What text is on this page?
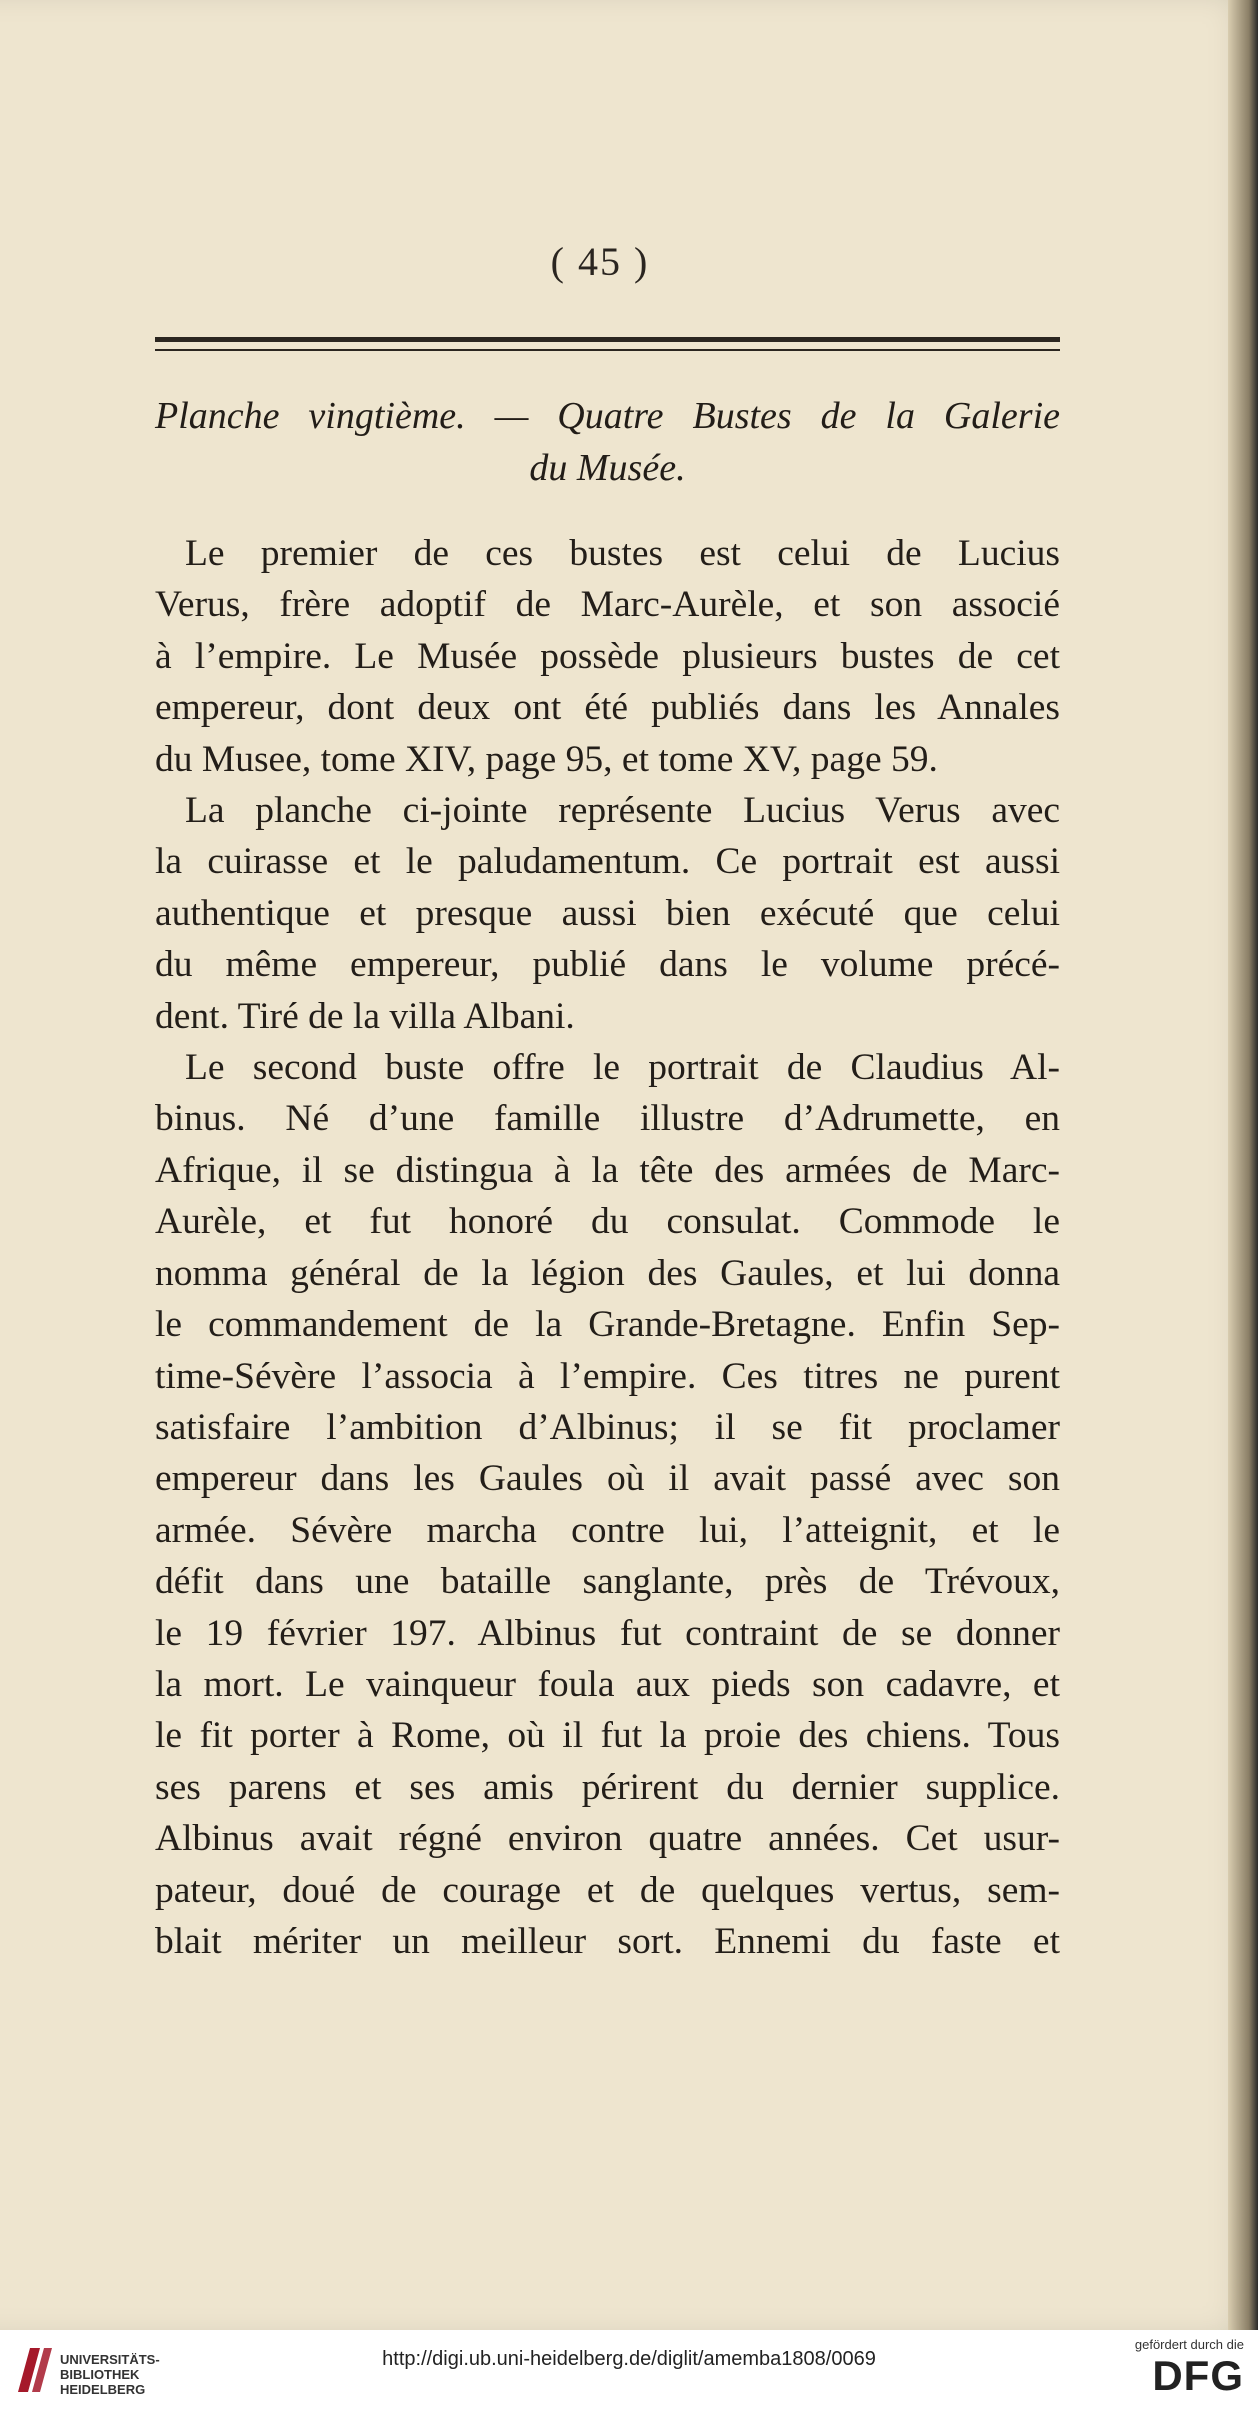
( 45 )
Planche vingtième. — Quatre Bustes de la Galerie
du Musée.
Le premier de ces bustes est celui de Lucius
Verus, frère adoptif de Marc-Aurèle, et son associé
à l’empire. Le Musée possède plusieurs bustes de cet
empereur, dont deux ont été publiés dans les Annales
du Musee, tome XIV, page 95, et tome XV, page 59.
La planche ci-jointe représente Lucius Verus avec
la cuirasse et le paludamentum. Ce portrait est aussi
authentique et presque aussi bien exécuté que celui
du même empereur, publié dans le volume précé-
dent. Tiré de la villa Albani.
Le second buste offre le portrait de Claudius Al-
binus. Né d’une famille illustre d’Adrumette, en
Afrique, il se distingua à la tête des armées de Marc-
Aurèle, et fut honoré du consulat. Commode le
nomma général de la légion des Gaules, et lui donna
le commandement de la Grande-Bretagne. Enfin Sep-
time-Sévère l’associa à l’empire. Ces titres ne purent
satisfaire l’ambition d’Albinus; il se fit proclamer
empereur dans les Gaules où il avait passé avec son
armée. Sévère marcha contre lui, l’atteignit, et le
défit dans une bataille sanglante, près de Trévoux,
le 19 février 197. Albinus fut contraint de se donner
la mort. Le vainqueur foula aux pieds son cadavre, et
le fit porter à Rome, où il fut la proie des chiens. Tous
ses parens et ses amis périrent du dernier supplice.
Albinus avait régné environ quatre années. Cet usur-
pateur, doué de courage et de quelques vertus, sem-
blait mériter un meilleur sort. Ennemi du faste et
UNIVERSITÄTS-
BIBLIOTHEK
HEIDELBERG
http://digi.ub.uni-heidelberg.de/diglit/amemba1808/0069
gefördert durch die
DFG
